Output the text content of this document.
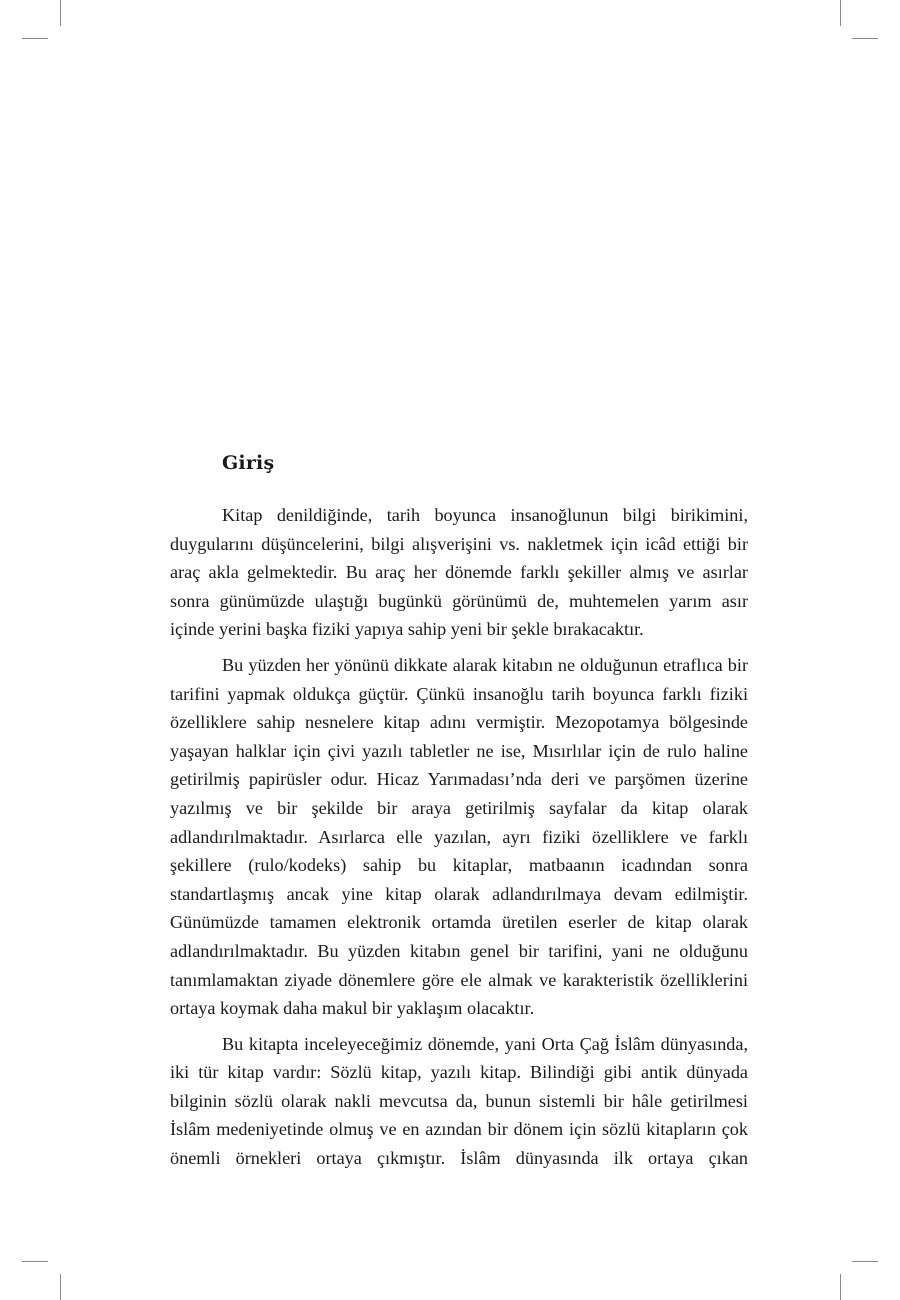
Giriş

Kitap denildiğinde, tarih boyunca insanoğlunun bilgi birikimini, duygularını düşüncelerini, bilgi alışverişini vs. nakletmek için icâd ettiği bir araç akla gelmektedir. Bu araç her dönemde farklı şekiller almış ve asırlar sonra günümüzde ulaştığı bugünkü görünümü de, muhtemelen yarım asır içinde yerini başka fiziki yapıya sahip yeni bir şekle bırakacaktır.

Bu yüzden her yönünü dikkate alarak kitabın ne olduğunun etraflıca bir tarifini yapmak oldukça güçtür. Çünkü insanoğlu tarih boyunca farklı fiziki özelliklere sahip nesnelere kitap adını vermiştir. Mezopotamya bölgesinde yaşayan halklar için çivi yazılı tabletler ne ise, Mısırlılar için de rulo haline getirilmiş papirüsler odur. Hicaz Yarımadası’nda deri ve parşömen üzerine yazılmış ve bir şekilde bir araya getirilmiş sayfalar da kitap olarak adlandırılmaktadır. Asırlarca elle yazılan, ayrı fiziki özelliklere ve farklı şekillere (rulo/kodeks) sahip bu kitaplar, matbaanın icadından sonra standartlaşmış ancak yine kitap olarak adlandırılmaya devam edilmiştir. Günümüzde tamamen elektronik ortamda üretilen eserler de kitap olarak adlandırılmaktadır. Bu yüzden kitabın genel bir tarifini, yani ne olduğunu tanımlamaktan ziyade dönemlere göre ele almak ve karakteristik özelliklerini ortaya koymak daha makul bir yaklaşım olacaktır.

Bu kitapta inceleyeceğimiz dönemde, yani Orta Çağ İslâm dünyasında, iki tür kitap vardır: Sözlü kitap, yazılı kitap. Bilindiği gibi antik dünyada bilginin sözlü olarak nakli mevcutsa da, bunun sistemli bir hâle getirilmesi İslâm medeniyetinde olmuş ve en azından bir dönem için sözlü kitapların çok önemli örnekleri ortaya çıkmıştır. İslâm dünyasında ilk ortaya çıkan
